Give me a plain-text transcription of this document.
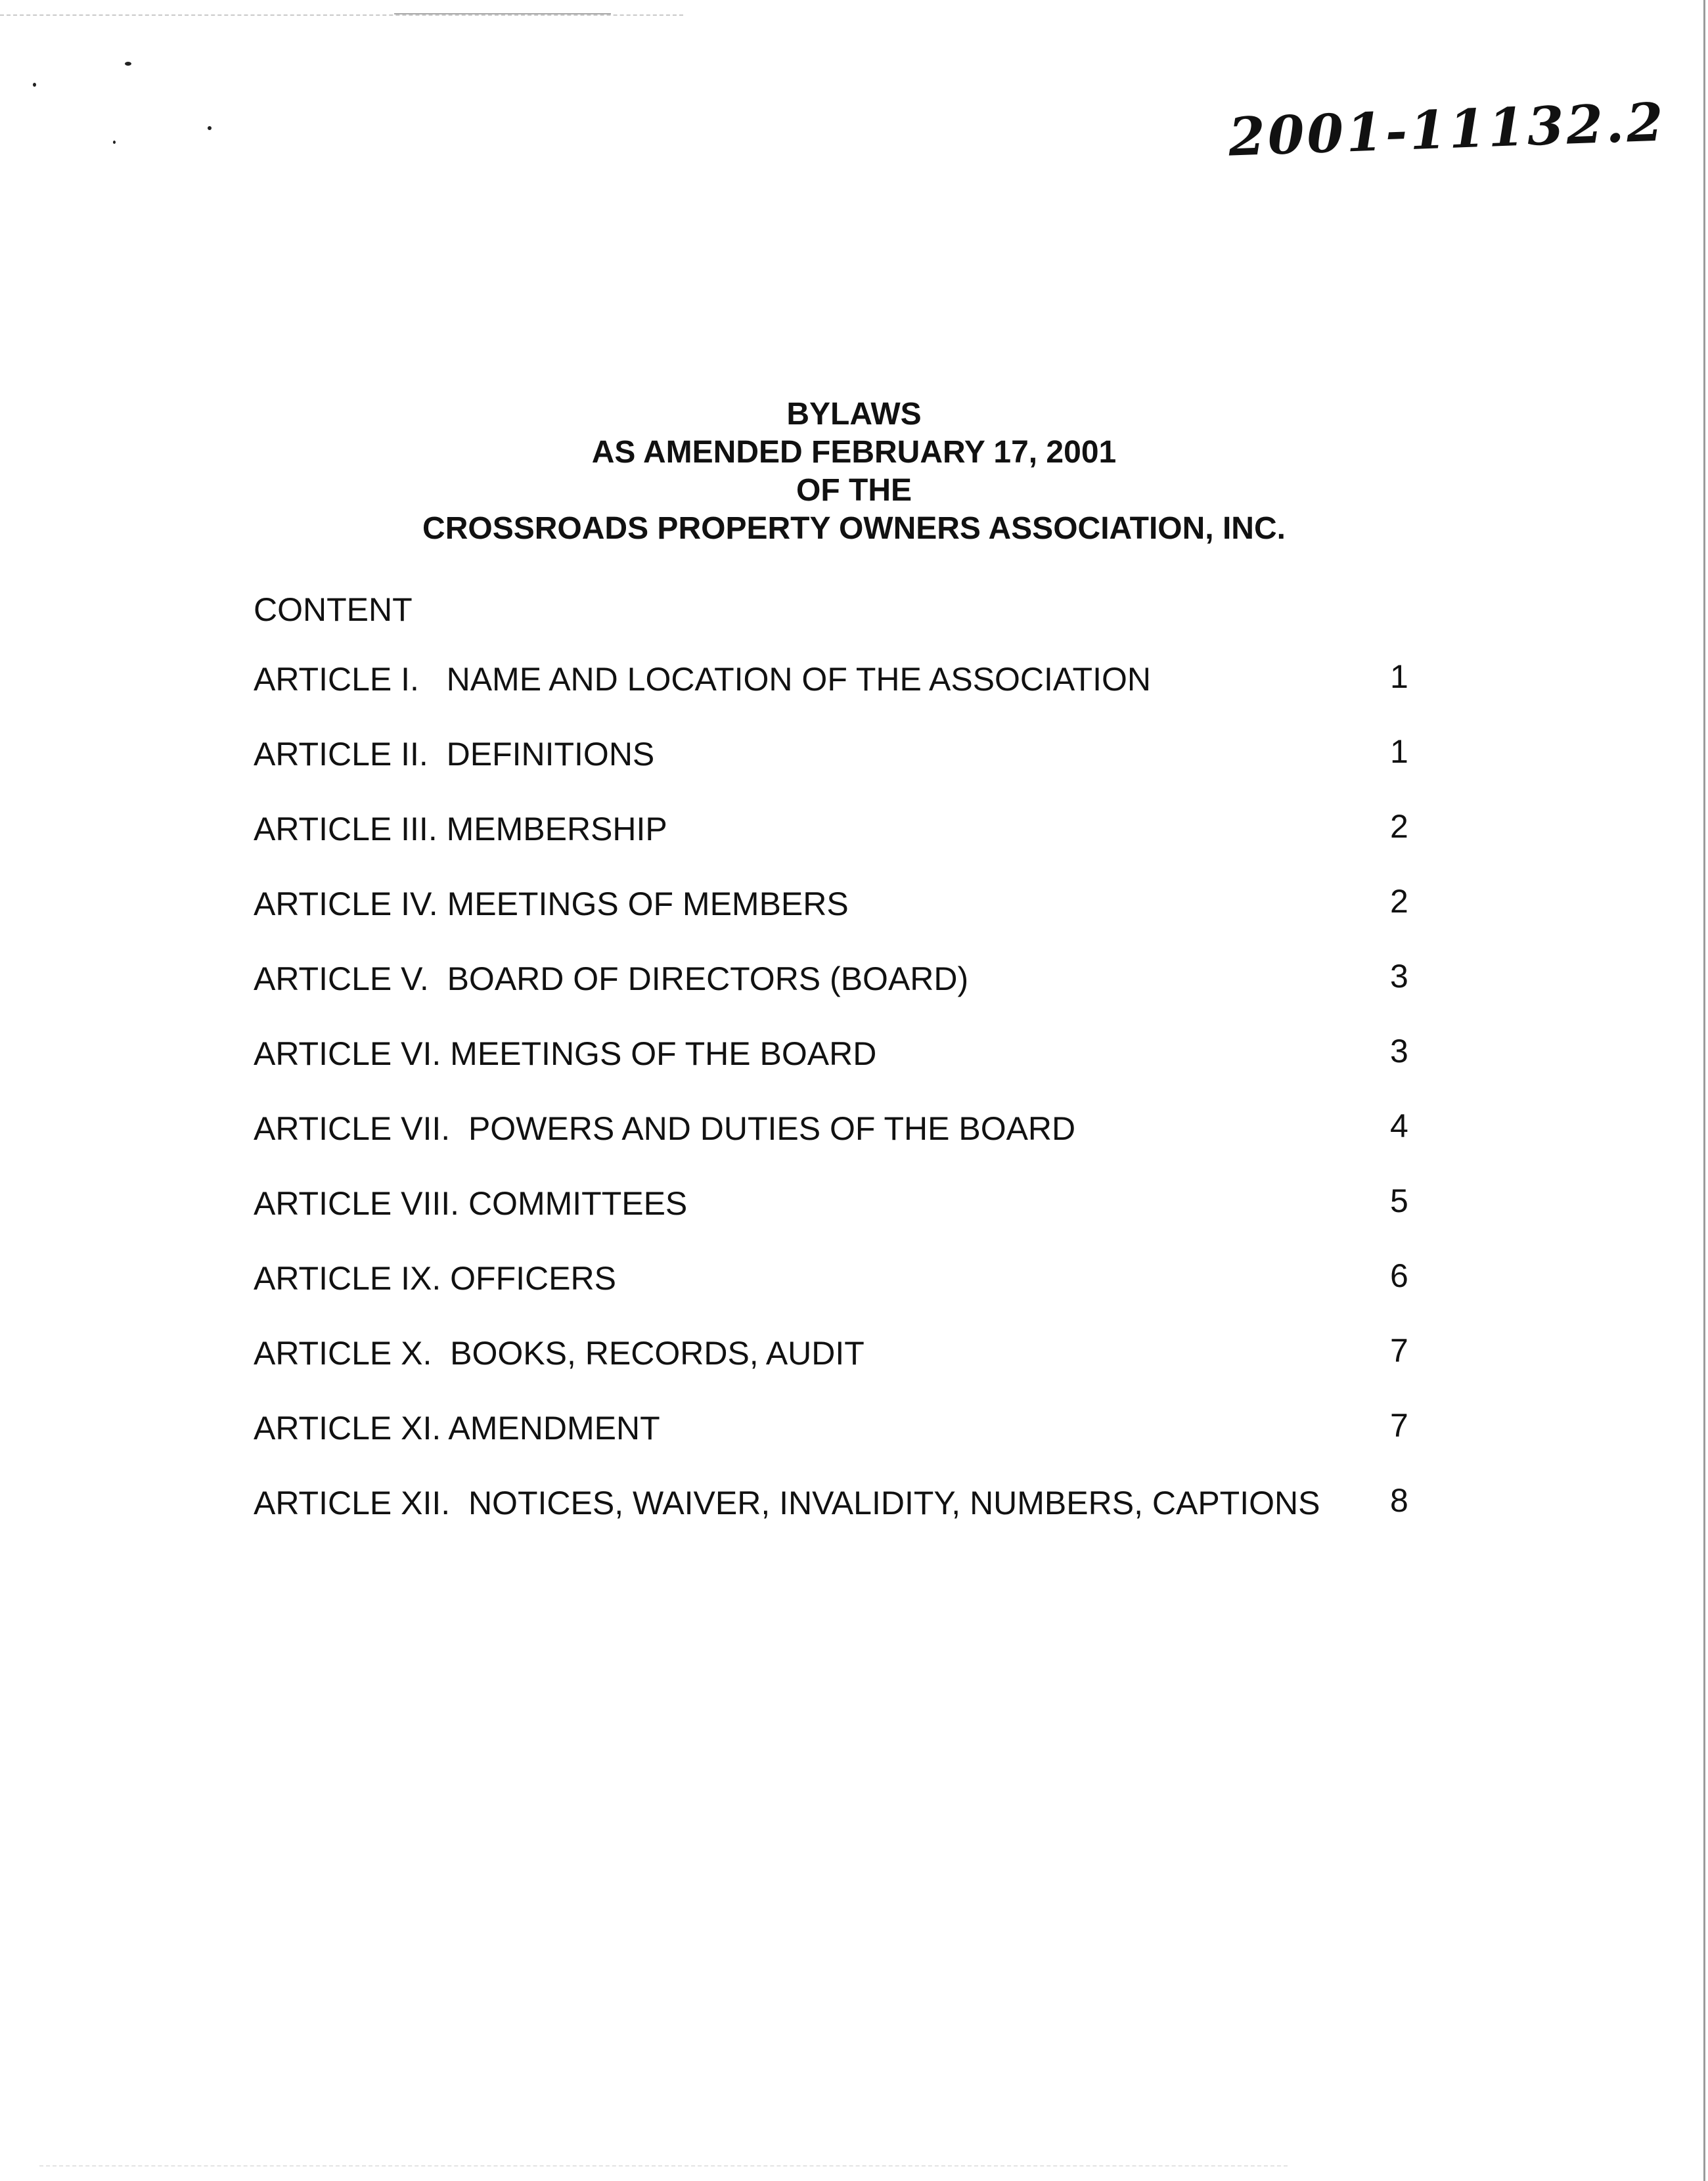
2001-11132.2
BYLAWS
AS AMENDED FEBRUARY 17, 2001
OF THE
CROSSROADS PROPERTY OWNERS ASSOCIATION, INC.
CONTENT
ARTICLE I.   NAME AND LOCATION OF THE ASSOCIATION	1
ARTICLE II.  DEFINITIONS	1
ARTICLE III. MEMBERSHIP	2
ARTICLE IV. MEETINGS OF MEMBERS	2
ARTICLE V.  BOARD OF DIRECTORS (BOARD)	3
ARTICLE VI. MEETINGS OF THE BOARD	3
ARTICLE VII.  POWERS AND DUTIES OF THE BOARD	4
ARTICLE VIII. COMMITTEES	5
ARTICLE IX. OFFICERS	6
ARTICLE X.  BOOKS, RECORDS, AUDIT	7
ARTICLE XI. AMENDMENT	7
ARTICLE XII.  NOTICES, WAIVER, INVALIDITY, NUMBERS, CAPTIONS 8
